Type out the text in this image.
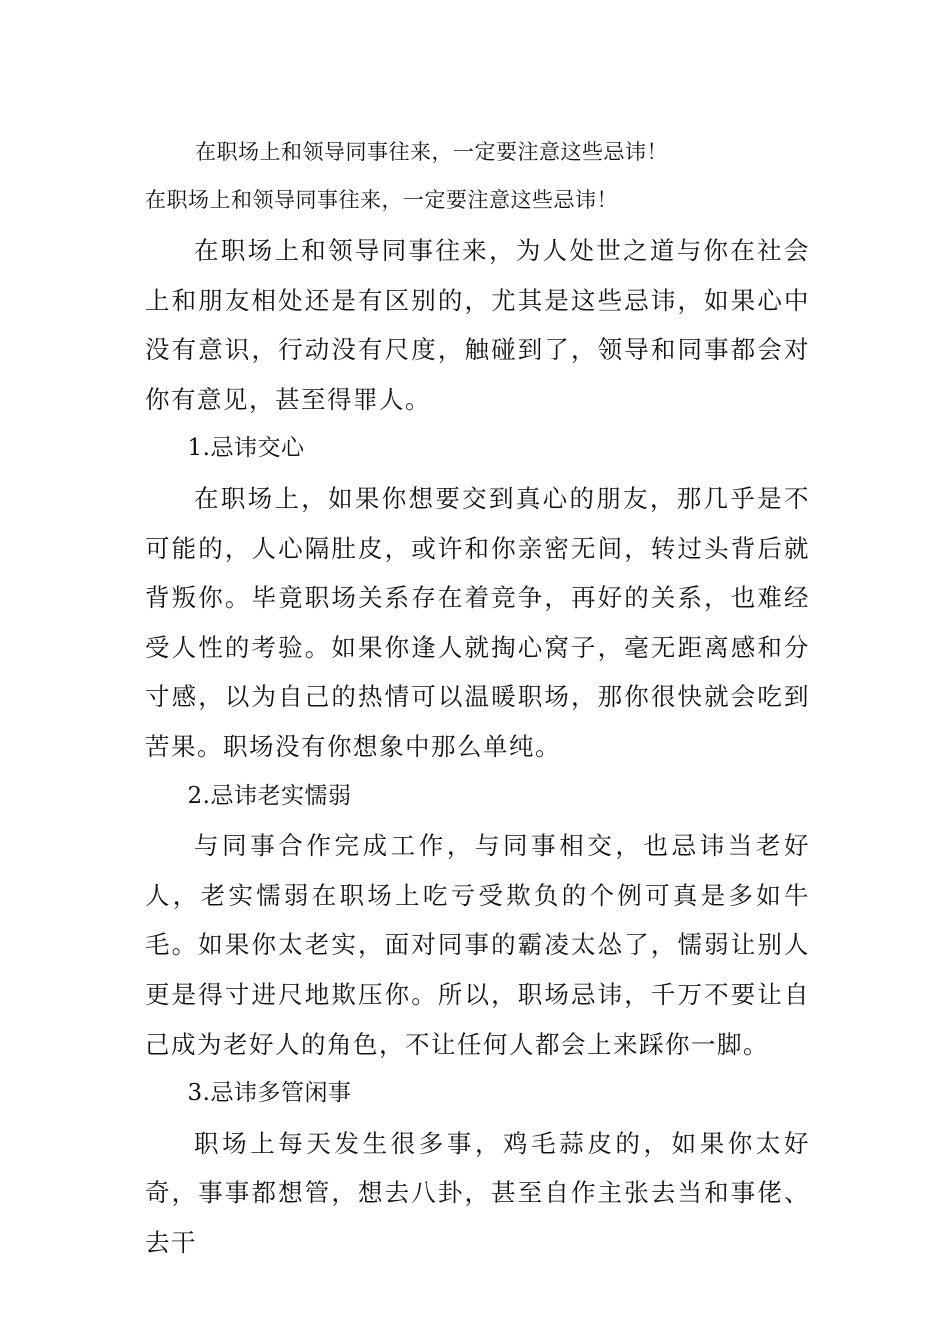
在职场上和领导同事往来，一定要注意这些忌讳！
在职场上和领导同事往来，一定要注意这些忌讳！

在职场上和领导同事往来，为人处世之道与你在社会上和朋友相处还是有区别的，尤其是这些忌讳，如果心中没有意识，行动没有尺度，触碰到了，领导和同事都会对你有意见，甚至得罪人。

1.忌讳交心

在职场上，如果你想要交到真心的朋友，那几乎是不可能的，人心隔肚皮，或许和你亲密无间，转过头背后就背叛你。毕竟职场关系存在着竞争，再好的关系，也难经受人性的考验。如果你逢人就掏心窝子，毫无距离感和分寸感，以为自己的热情可以温暖职场，那你很快就会吃到苦果。职场没有你想象中那么单纯。

2.忌讳老实懦弱

与同事合作完成工作，与同事相交，也忌讳当老好人，老实懦弱在职场上吃亏受欺负的个例可真是多如牛毛。如果你太老实，面对同事的霸凌太怂了，懦弱让别人更是得寸进尺地欺压你。所以，职场忌讳，千万不要让自己成为老好人的角色，不让任何人都会上来踩你一脚。

3.忌讳多管闲事

职场上每天发生很多事，鸡毛蒜皮的，如果你太好奇，事事都想管，想去八卦，甚至自作主张去当和事佬、去干
